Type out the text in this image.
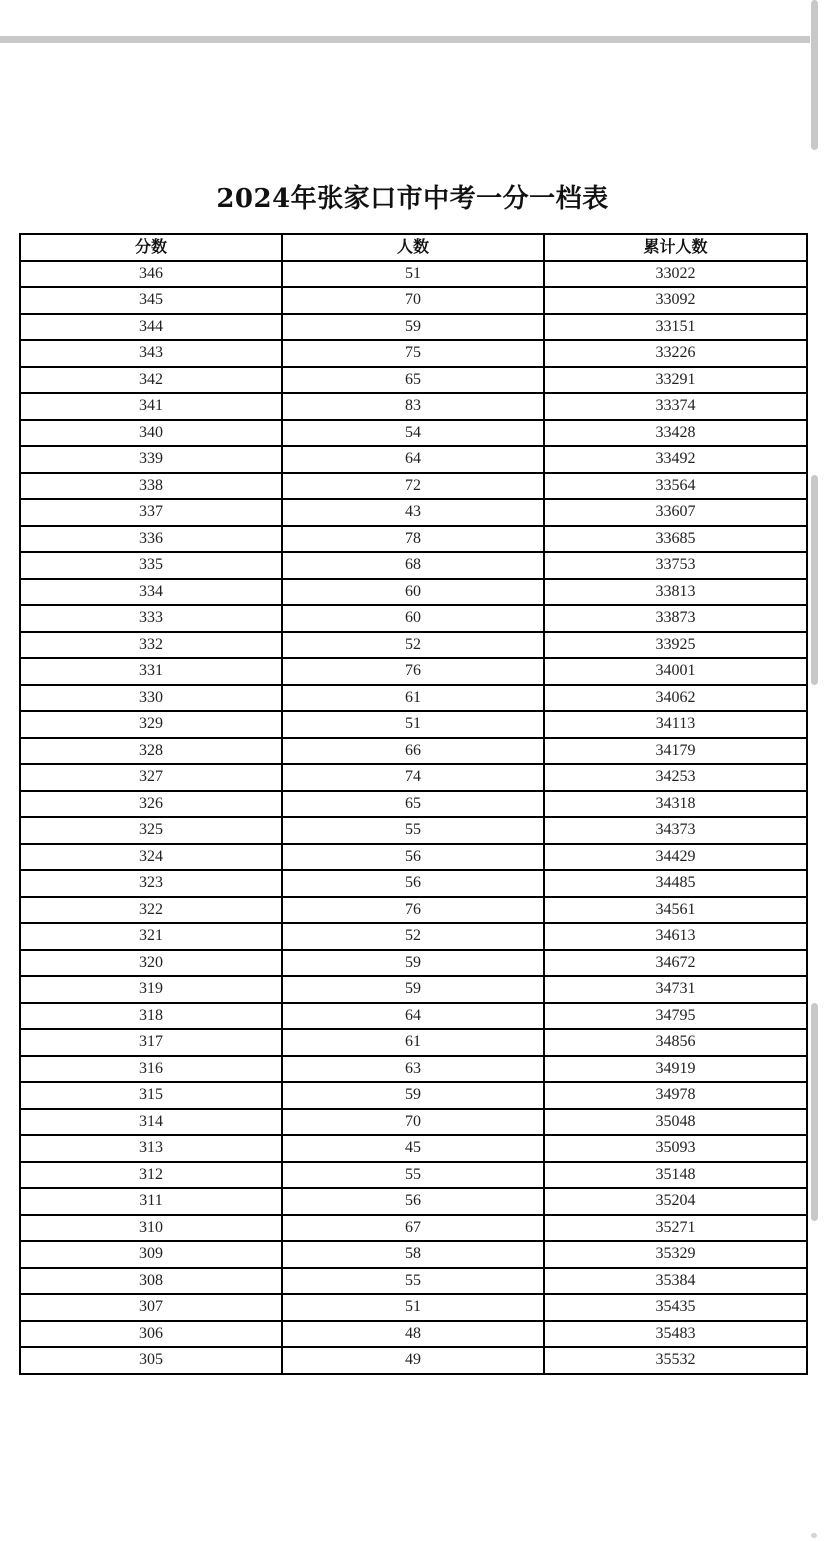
2024年张家口市中考一分一档表
分数	人数	累计人数
346	51	33022
345	70	33092
344	59	33151
343	75	33226
342	65	33291
341	83	33374
340	54	33428
339	64	33492
338	72	33564
337	43	33607
336	78	33685
335	68	33753
334	60	33813
333	60	33873
332	52	33925
331	76	34001
330	61	34062
329	51	34113
328	66	34179
327	74	34253
326	65	34318
325	55	34373
324	56	34429
323	56	34485
322	76	34561
321	52	34613
320	59	34672
319	59	34731
318	64	34795
317	61	34856
316	63	34919
315	59	34978
314	70	35048
313	45	35093
312	55	35148
311	56	35204
310	67	35271
309	58	35329
308	55	35384
307	51	35435
306	48	35483
305	49	35532
